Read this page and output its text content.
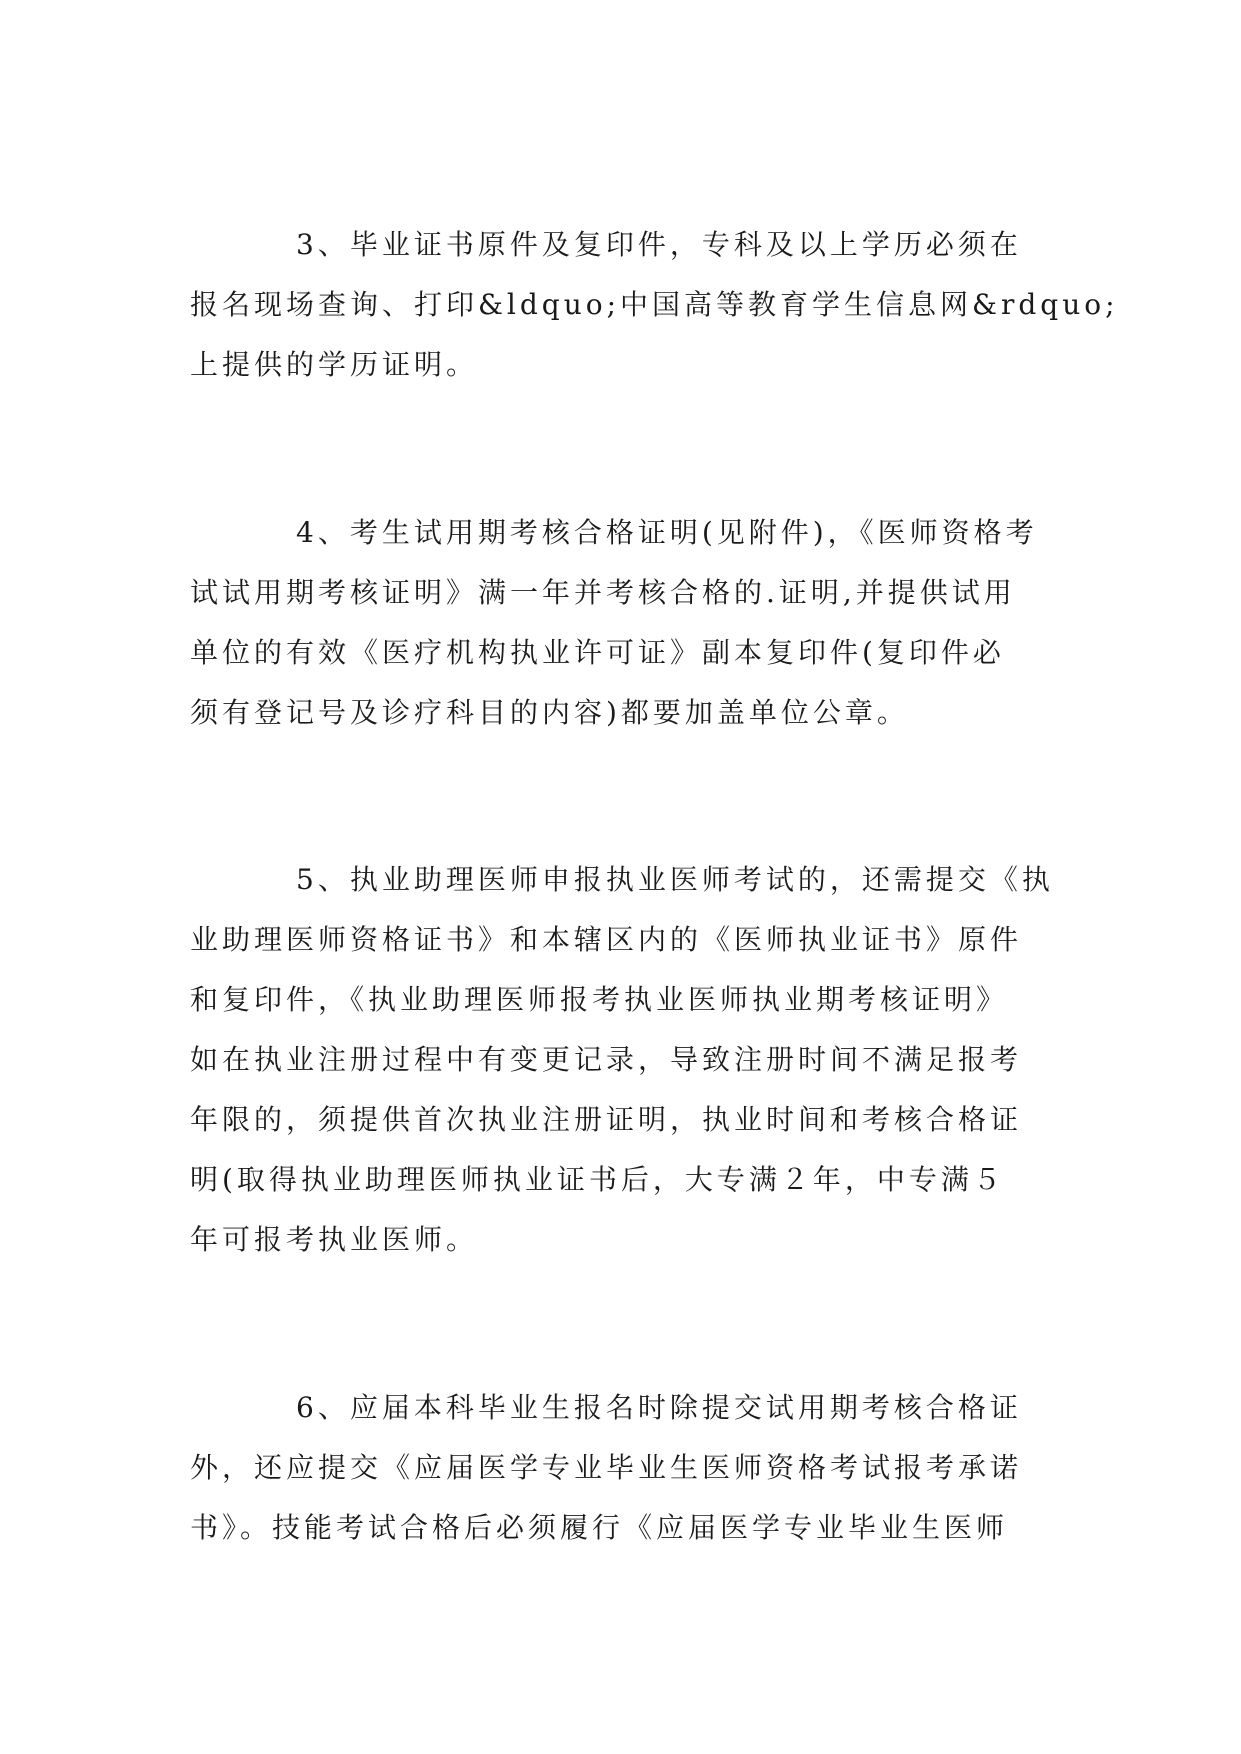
3、毕业证书原件及复印件，专科及以上学历必须在
报名现场查询、打印&ldquo;中国高等教育学生信息网&rdquo;
上提供的学历证明。
4、考生试用期考核合格证明(见附件)，《医师资格考
试试用期考核证明》满一年并考核合格的.证明,并提供试用
单位的有效《医疗机构执业许可证》副本复印件(复印件必
须有登记号及诊疗科目的内容)都要加盖单位公章。
5、执业助理医师申报执业医师考试的，还需提交《执
业助理医师资格证书》和本辖区内的《医师执业证书》原件
和复印件，《执业助理医师报考执业医师执业期考核证明》
如在执业注册过程中有变更记录，导致注册时间不满足报考
年限的，须提供首次执业注册证明，执业时间和考核合格证
明(取得执业助理医师执业证书后，大专满２年，中专满５
年可报考执业医师。
6、应届本科毕业生报名时除提交试用期考核合格证
外，还应提交《应届医学专业毕业生医师资格考试报考承诺
书》。技能考试合格后必须履行《应届医学专业毕业生医师
